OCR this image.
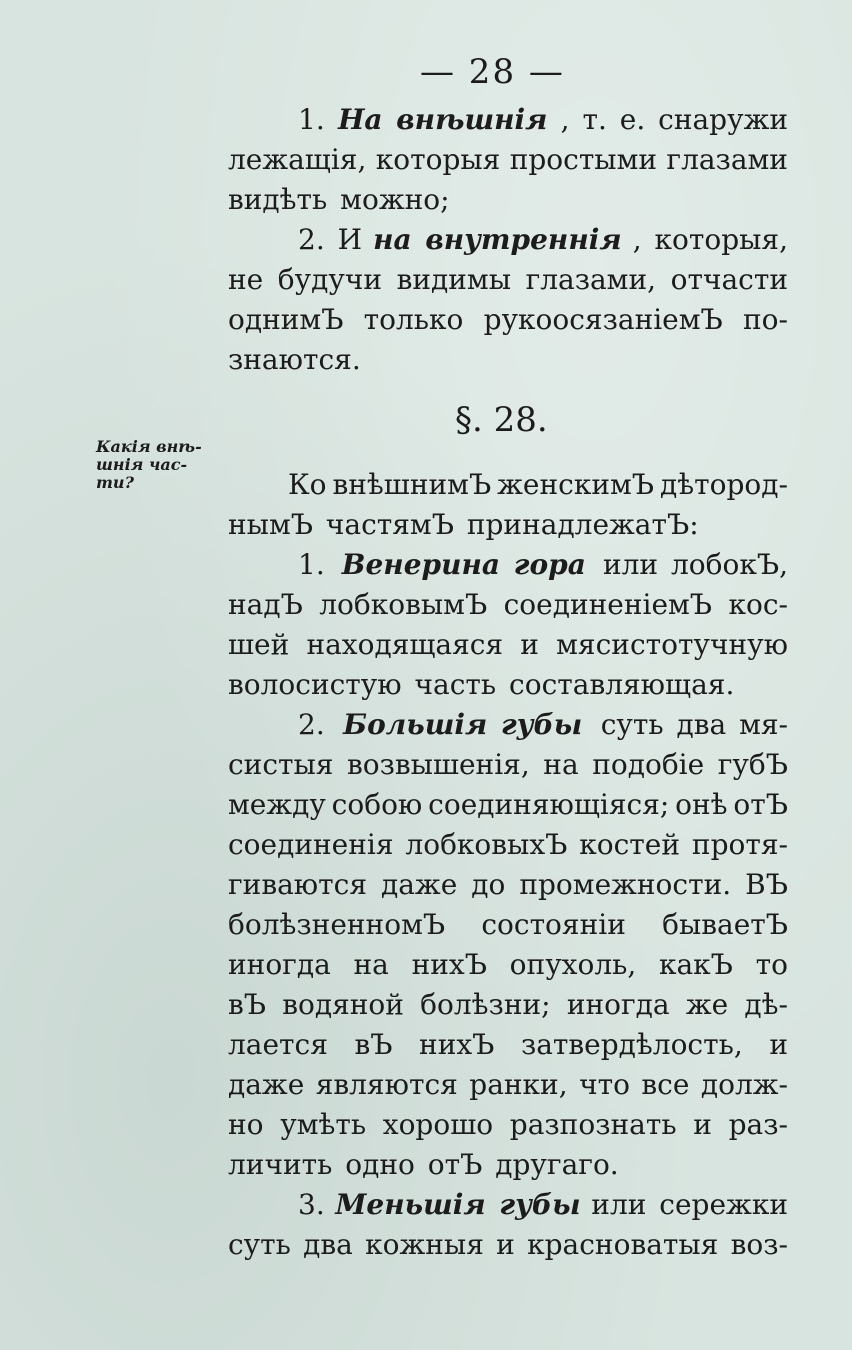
— 28 —
1. На внѣшнія , т. е. снаружи
лежащія, которыя простыми глазами
видѣть можно;
2. И на внутреннія , которыя,
не будучи видимы глазами, отчасти
однимЪ только рукоосязаніемЪ по-
знаются.
§. 28.
Какія внѣ-
шнія час-
ти?	Ко внѣшнимЪ женскимЪ дѣтород-
нымЪ частямЪ принадлежатЪ:
1. Венерина гора или лобокЪ,
надЪ лобковымЪ соединеніемЪ кос-
шей находящаяся и мясистотучную
волосистую часть составляющая.
2. Большія губы суть два мя-
систыя возвышенія, на подобіе губЪ
между собою соединяющіяся; онѣ отЪ
соединенія лобковыхЪ костей протя-
гиваются даже до промежности. ВЪ
болѣзненномЪ состояніи бываетЪ
иногда на нихЪ опухоль, какЪ то
вЪ водяной болѣзни; иногда же дѣ-
лается вЪ нихЪ затвердѣлость, и
даже являются ранки, что все долж-
но умѣть хорошо разпознать и раз-
личить одно отЪ другаго.
3. Меньшія губы или сережки
суть два кожныя и красноватыя воз-
